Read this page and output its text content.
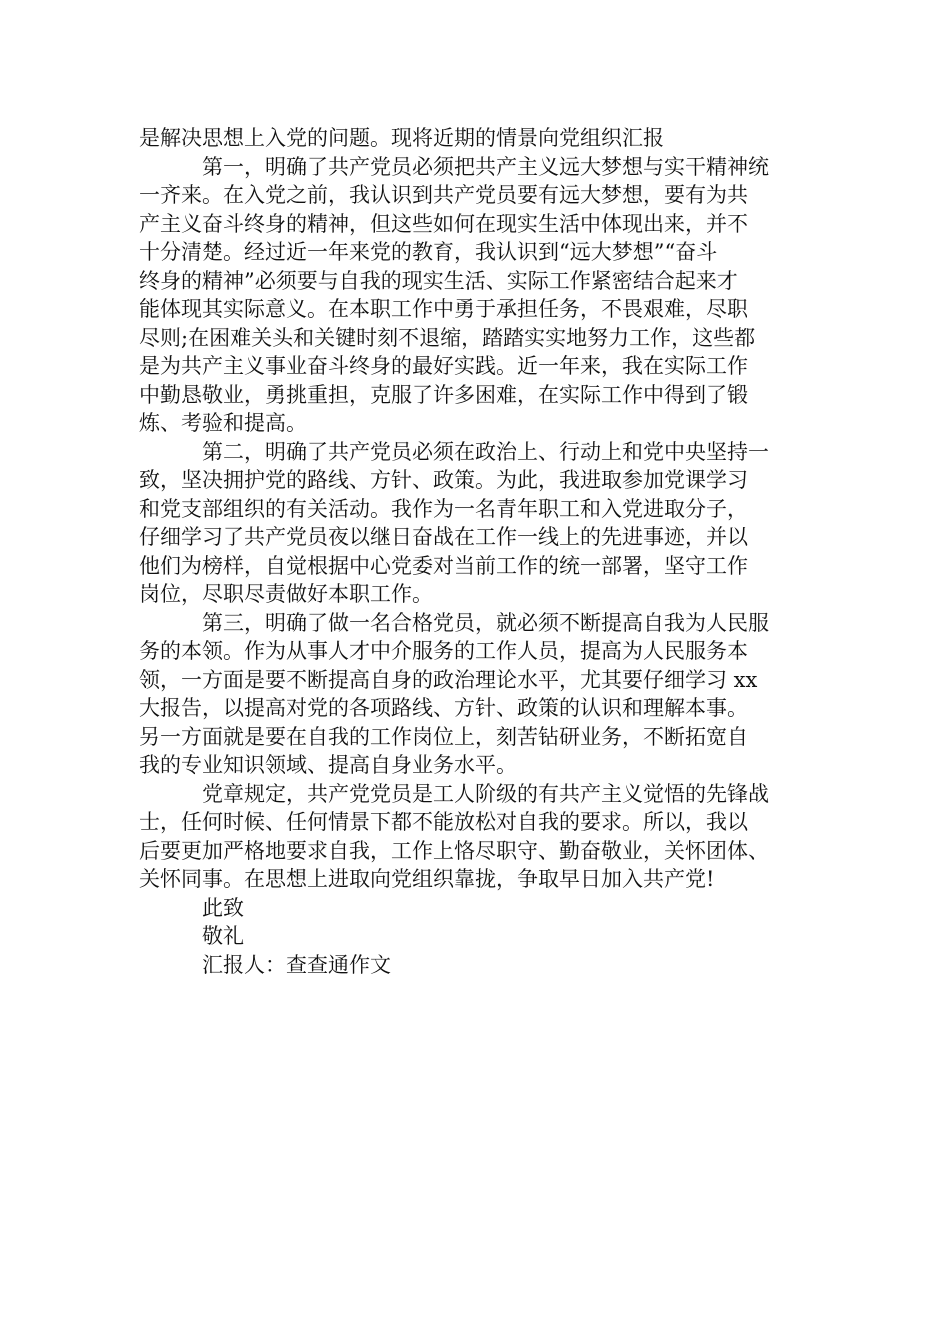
是解决思想上入党的问题。现将近期的情景向党组织汇报
第一，明确了共产党员必须把共产主义远大梦想与实干精神统
一齐来。在入党之前，我认识到共产党员要有远大梦想，要有为共
产主义奋斗终身的精神，但这些如何在现实生活中体现出来，并不
十分清楚。经过近一年来党的教育，我认识到“远大梦想”“奋斗
终身的精神”必须要与自我的现实生活、实际工作紧密结合起来才
能体现其实际意义。在本职工作中勇于承担任务，不畏艰难，尽职
尽则;在困难关头和关键时刻不退缩，踏踏实实地努力工作，这些都
是为共产主义事业奋斗终身的最好实践。近一年来，我在实际工作
中勤恳敬业，勇挑重担，克服了许多困难，在实际工作中得到了锻
炼、考验和提高。
第二，明确了共产党员必须在政治上、行动上和党中央坚持一
致，坚决拥护党的路线、方针、政策。为此，我进取参加党课学习
和党支部组织的有关活动。我作为一名青年职工和入党进取分子，
仔细学习了共产党员夜以继日奋战在工作一线上的先进事迹，并以
他们为榜样，自觉根据中心党委对当前工作的统一部署，坚守工作
岗位，尽职尽责做好本职工作。
第三，明确了做一名合格党员，就必须不断提高自我为人民服
务的本领。作为从事人才中介服务的工作人员，提高为人民服务本
领，一方面是要不断提高自身的政治理论水平，尤其要仔细学习 xx
大报告，以提高对党的各项路线、方针、政策的认识和理解本事。
另一方面就是要在自我的工作岗位上，刻苦钻研业务，不断拓宽自
我的专业知识领域、提高自身业务水平。
党章规定，共产党党员是工人阶级的有共产主义觉悟的先锋战
士，任何时候、任何情景下都不能放松对自我的要求。所以，我以
后要更加严格地要求自我，工作上恪尽职守、勤奋敬业，关怀团体、
关怀同事。在思想上进取向党组织靠拢，争取早日加入共产党!
此致
敬礼
汇报人：查查通作文
